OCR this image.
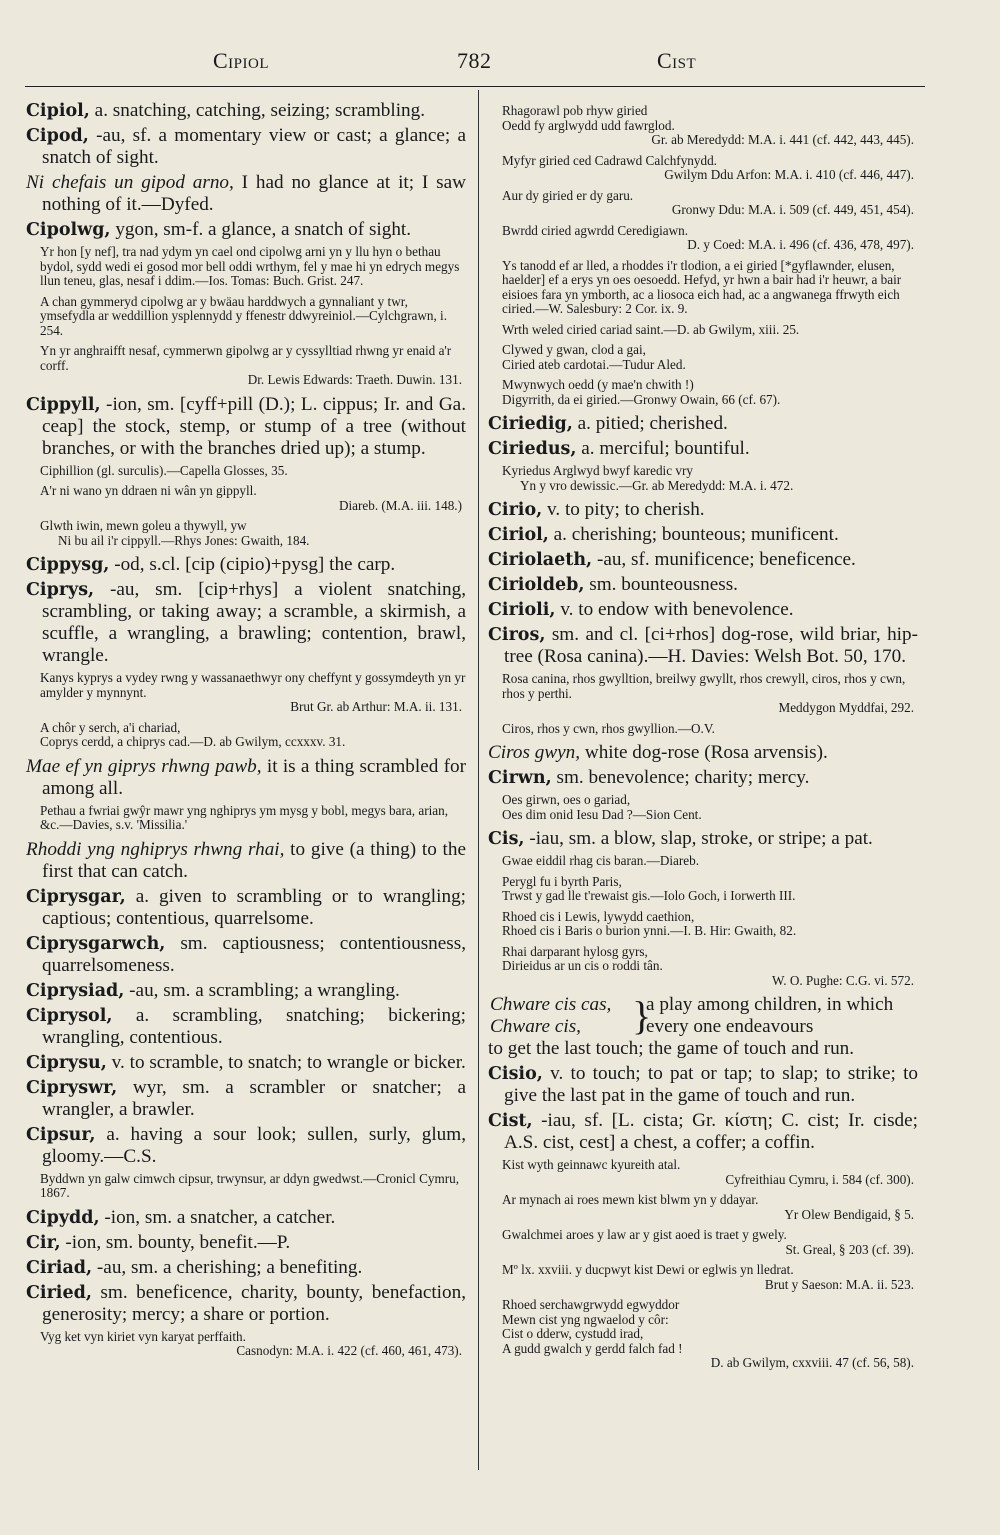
Cipiol	782	Cist

Cipiol, a. snatching, catching, seizing; scrambling.

Cipod, -au, sf. a momentary view or cast; a glance; a snatch of sight.

Ni chefais un gipod arno, I had no glance at it; I saw nothing of it.—Dyfed.

Cipolwg, ygon, sm-f. a glance, a snatch of sight.

Yr hon [y nef], tra nad ydym yn cael ond cipolwg arni yn y llu hyn o bethau bydol, sydd wedi ei gosod mor bell oddi wrthym, fel y mae hi yn edrych megys llun teneu, glas, nesaf i ddim.—Ios. Tomas: Buch. Grist. 247.
A chan gymmeryd cipolwg ar y bwäau harddwych a gynnaliant y twr, ymsefydla ar weddillion ysplennydd y ffenestr ddwyreiniol.—Cylchgrawn, i. 254.
Yn yr anghraifft nesaf, cymmerwn gipolwg ar y cyssylltiad rhwng yr enaid a'r corff.
Dr. Lewis Edwards: Traeth. Duwin. 131.

Cippyll, -ion, sm. [cyff+pill (D.); L. cippus; Ir. and Ga. ceap] the stock, stemp, or stump of a tree (without branches, or with the branches dried up); a stump.

Ciphillion (gl. surculis).—Capella Glosses, 35.
A'r ni wano yn ddraen ni wân yn gippyll.
Diareb. (M.A. iii. 148.)
Glwth iwin, mewn goleu a thywyll, yw
Ni bu ail i'r cippyll.—Rhys Jones: Gwaith, 184.

Cippysg, -od, s.cl. [cip (cipio)+pysg] the carp.

Ciprys, -au, sm. [cip+rhys] a violent snatching, scrambling, or taking away; a scramble, a skirmish, a scuffle, a wrangling, a brawling; contention, brawl, wrangle.

Kanys kyprys a vydey rwng y wassanaethwyr ony cheffynt y gossymdeyth yn yr amylder y mynnynt.
Brut Gr. ab Arthur: M.A. ii. 131.
A chôr y serch, a'i chariad,
Coprys cerdd, a chiprys cad.—D. ab Gwilym, ccxxxv. 31.

Mae ef yn giprys rhwng pawb, it is a thing scrambled for among all.

Pethau a fwriai gwŷr mawr yng nghiprys ym mysg y bobl, megys bara, arian, &c.—Davies, s.v. 'Missilia.'

Rhoddi yng nghiprys rhwng rhai, to give (a thing) to the first that can catch.

Ciprysgar, a. given to scrambling or to wrangling; captious; contentious, quarrelsome.

Ciprysgarwch, sm. captiousness; contentiousness, quarrelsomeness.

Ciprysiad, -au, sm. a scrambling; a wrangling.

Ciprysol, a. scrambling, snatching; bickering; wrangling, contentious.

Ciprysu, v. to scramble, to snatch; to wrangle or bicker.

Cipryswr, wyr, sm. a scrambler or snatcher; a wrangler, a brawler.

Cipsur, a. having a sour look; sullen, surly, glum, gloomy.—C.S.

Byddwn yn galw cimwch cipsur, trwynsur, ar ddyn gwedwst.—Cronicl Cymru, 1867.

Cipydd, -ion, sm. a snatcher, a catcher.

Cir, -ion, sm. bounty, benefit.—P.

Ciriad, -au, sm. a cherishing; a benefiting.

Ciried, sm. beneficence, charity, bounty, benefaction, generosity; mercy; a share or portion.

Vyg ket vyn kiriet vyn karyat perffaith.
Casnodyn: M.A. i. 422 (cf. 460, 461, 473).
Rhagorawl pob rhyw giried
Oedd fy arglwydd udd fawrglod.
Gr. ab Meredydd: M.A. i. 441 (cf. 442, 443, 445).
Myfyr giried ced Cadrawd Calchfynydd.
Gwilym Ddu Arfon: M.A. i. 410 (cf. 446, 447).
Aur dy giried er dy garu.
Gronwy Ddu: M.A. i. 509 (cf. 449, 451, 454).
Bwrdd ciried agwrdd Ceredigiawn.
D. y Coed: M.A. i. 496 (cf. 436, 478, 497).
Ys tanodd ef ar lled, a rhoddes i'r tlodion, a ei giried [*gyflawnder, elusen, haelder] ef a erys yn oes oesoedd. Hefyd, yr hwn a bair had i'r heuwr, a bair eisioes fara yn ymborth, ac a liosoca eich had, ac a angwanega ffrwyth eich ciried.—W. Salesbury: 2 Cor. ix. 9.
Wrth weled ciried cariad saint.—D. ab Gwilym, xiii. 25.
Clywed y gwan, clod a gai,
Ciried ateb cardotai.—Tudur Aled.
Mwynwych oedd (y mae'n chwith !)
Digyrrith, da ei giried.—Gronwy Owain, 66 (cf. 67).

Ciriedig, a. pitied; cherished.

Ciriedus, a. merciful; bountiful.

Kyriedus Arglwyd bwyf karedic vry
Yn y vro dewissic.—Gr. ab Meredydd: M.A. i. 472.

Cirio, v. to pity; to cherish.

Ciriol, a. cherishing; bounteous; munificent.

Ciriolaeth, -au, sf. munificence; beneficence.

Cirioldeb, sm. bounteousness.

Cirioli, v. to endow with benevolence.

Ciros, sm. and cl. [ci+rhos] dog-rose, wild briar, hip-tree (Rosa canina).—H. Davies: Welsh Bot. 50, 170.

Rosa canina, rhos gwylltion, breilwy gwyllt, rhos crewyll, ciros, rhos y cwn, rhos y perthi.
Meddygon Myddfai, 292.
Ciros, rhos y cwn, rhos gwyllion.—O.V.

Ciros gwyn, white dog-rose (Rosa arvensis).

Cirwn, sm. benevolence; charity; mercy.

Oes girwn, oes o gariad,
Oes dim onid Iesu Dad ?—Sion Cent.

Cis, -iau, sm. a blow, slap, stroke, or stripe; a pat.

Gwae eiddil rhag cis baran.—Diareb.
Perygl fu i byrth Paris,
Trwst y gad lle t'rewaist gis.—Iolo Goch, i Iorwerth III.
Rhoed cis i Lewis, lywydd caethion,
Rhoed cis i Baris o burion ynni.—I. B. Hir: Gwaith, 82.
Rhai darparant hylosg gyrs,
Dirieidus ar un cis o roddi tân.
W. O. Pughe: C.G. vi. 572.
Chware cis cas,
Chware cis,	}
a play among children, in which every one endeavours

to get the last touch; the game of touch and run.

Cisio, v. to touch; to pat or tap; to slap; to strike; to give the last pat in the game of touch and run.

Cist, -iau, sf. [L. cista; Gr. κίστη; C. cist; Ir. cisde; A.S. cist, cest] a chest, a coffer; a coffin.

Kist wyth geinnawc kyureith atal.
Cyfreithiau Cymru, i. 584 (cf. 300).
Ar mynach ai roes mewn kist blwm yn y ddayar.
Yr Olew Bendigaid, § 5.
Gwalchmei aroes y law ar y gist aoed is traet y gwely.
St. Greal, § 203 (cf. 39).
Mº lx. xxviii. y ducpwyt kist Dewi or eglwis yn lledrat.
Brut y Saeson: M.A. ii. 523.
Rhoed serchawgrwydd egwyddor
Mewn cist yng ngwaelod y côr:
Cist o dderw, cystudd irad,
A gudd gwalch y gerdd falch fad !
D. ab Gwilym, cxxviii. 47 (cf. 56, 58).
